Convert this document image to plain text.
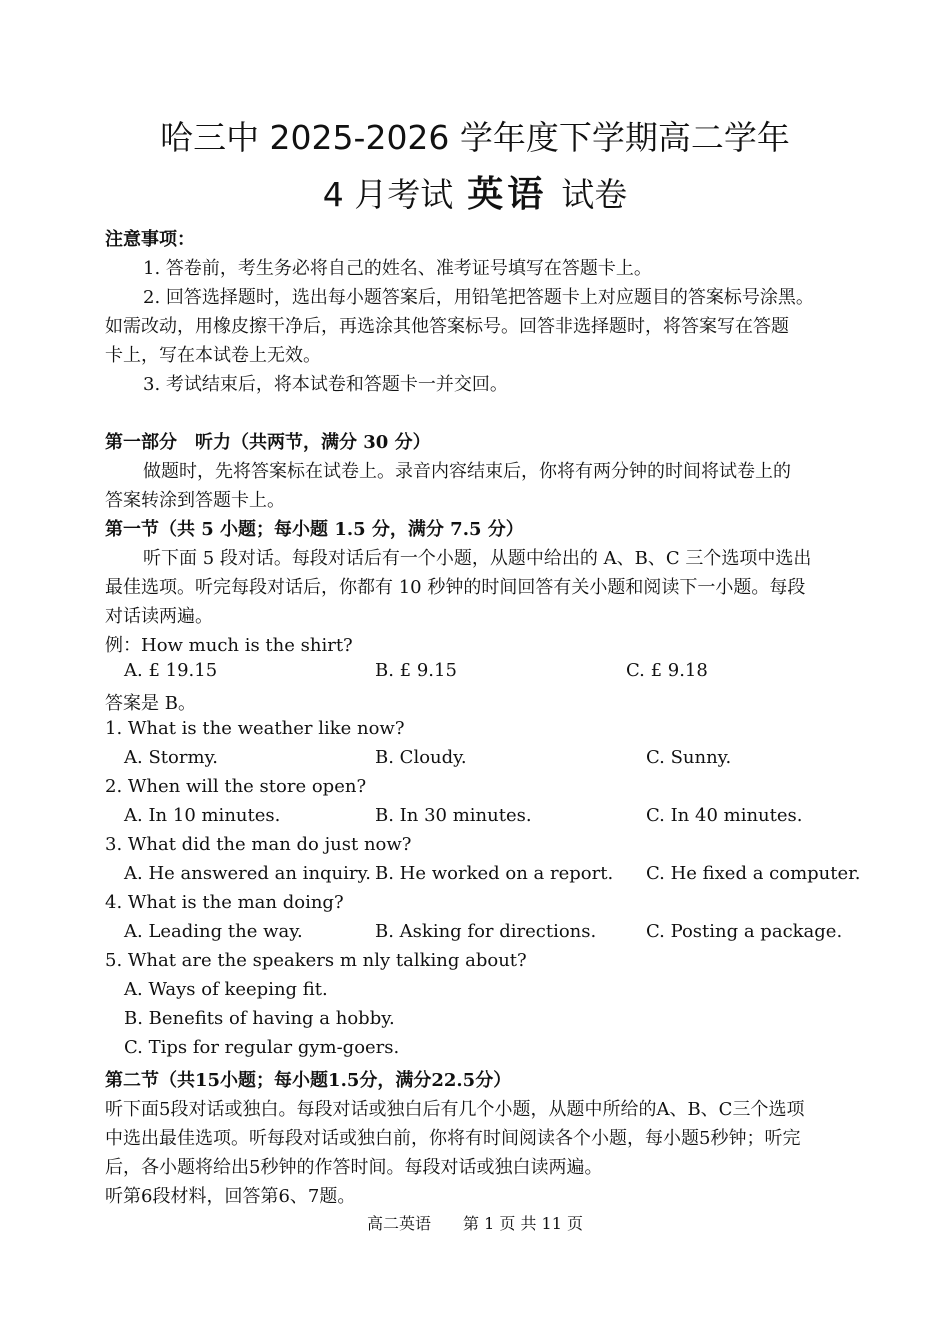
哈三中 2025-2026 学年度下学期高二学年
4 月考试 英语 试卷
注意事项：
1. 答卷前，考生务必将自己的姓名、准考证号填写在答题卡上。
2. 回答选择题时，选出每小题答案后，用铅笔把答题卡上对应题目的答案标号涂黑。
如需改动，用橡皮擦干净后，再选涂其他答案标号。回答非选择题时，将答案写在答题
卡上，写在本试卷上无效。
3. 考试结束后，将本试卷和答题卡一并交回。
第一部分　听力（共两节，满分 30 分）
做题时，先将答案标在试卷上。录音内容结束后，你将有两分钟的时间将试卷上的
答案转涂到答题卡上。
第一节（共 5 小题；每小题 1.5 分，满分 7.5 分）
听下面 5 段对话。每段对话后有一个小题，从题中给出的 A、B、C 三个选项中选出
最佳选项。听完每段对话后，你都有 10 秒钟的时间回答有关小题和阅读下一小题。每段
对话读两遍。
例：How much is the shirt?
A. £ 19.15	B. £ 9.15	C. £ 9.18
答案是 B。
1. What is the weather like now?
A. Stormy.	B. Cloudy.	C. Sunny.
2. When will the store open?
A. In 10 minutes.	B. In 30 minutes.	C. In 40 minutes.
3. What did the man do just now?
A. He answered an inquiry. B. He worked on a report. C. He fixed a computer.
4. What is the man doing?
A. Leading the way.	B. Asking for directions.	C. Posting a package.
5. What are the speakers m nly talking about?
A. Ways of keeping fit.
B. Benefits of having a hobby.
C. Tips for regular gym-goers.
第二节（共15小题；每小题1.5分，满分22.5分）
听下面5段对话或独白。每段对话或独白后有几个小题，从题中所给的A、B、C三个选项
中选出最佳选项。听每段对话或独白前，你将有时间阅读各个小题，每小题5秒钟；听完
后，各小题将给出5秒钟的作答时间。每段对话或独白读两遍。
听第6段材料，回答第6、7题。
高二英语　　第 1 页 共 11 页
